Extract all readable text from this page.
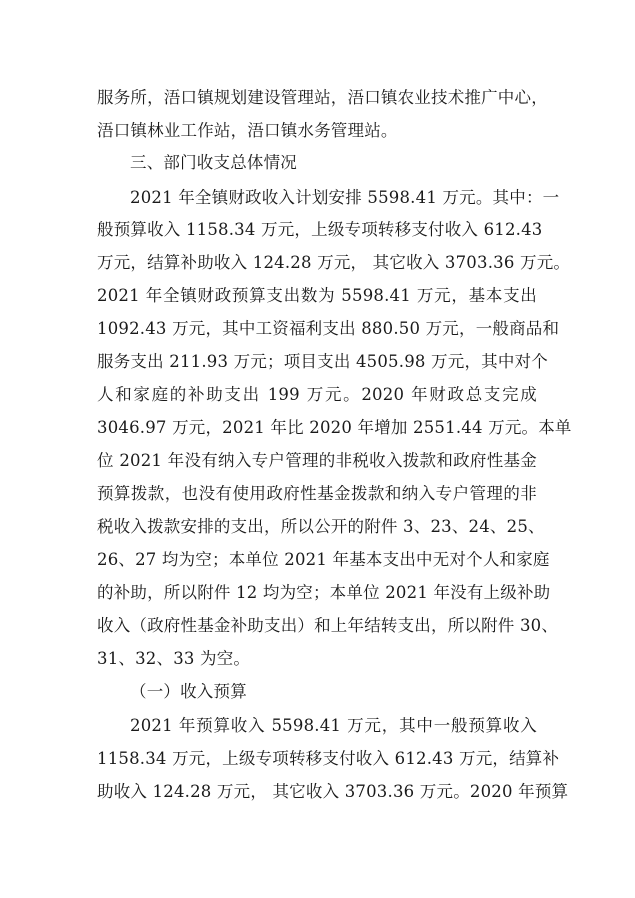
服务所，浯口镇规划建设管理站，浯口镇农业技术推广中心，
浯口镇林业工作站，浯口镇水务管理站。
三、部门收支总体情况
2021 年全镇财政收入计划安排 5598.41 万元。其中：一
般预算收入 1158.34 万元，上级专项转移支付收入 612.43
万元，结算补助收入 124.28 万元， 其它收入 3703.36 万元。
2021 年全镇财政预算支出数为 5598.41 万元，基本支出
1092.43 万元，其中工资福利支出 880.50 万元，一般商品和
服务支出 211.93 万元；项目支出 4505.98 万元，其中对个
人和家庭的补助支出 199 万元。2020 年财政总支完成
3046.97 万元，2021 年比 2020 年增加 2551.44 万元。本单
位 2021 年没有纳入专户管理的非税收入拨款和政府性基金
预算拨款，也没有使用政府性基金拨款和纳入专户管理的非
税收入拨款安排的支出，所以公开的附件 3、23、24、25、
26、27 均为空；本单位 2021 年基本支出中无对个人和家庭
的补助，所以附件 12 均为空；本单位 2021 年没有上级补助
收入（政府性基金补助支出）和上年结转支出，所以附件 30、
31、32、33 为空。
（一）收入预算
2021 年预算收入 5598.41 万元，其中一般预算收入
1158.34 万元，上级专项转移支付收入 612.43 万元，结算补
助收入 124.28 万元， 其它收入 3703.36 万元。2020 年预算
